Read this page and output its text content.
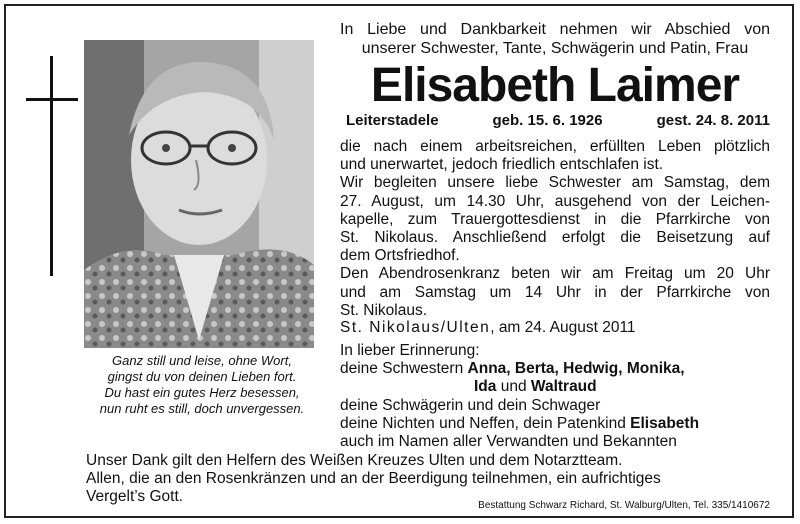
Ganz still und leise, ohne Wort,
gingst du von deinen Lieben fort.
Du hast ein gutes Herz besessen,
nun ruht es still, doch unvergessen.
In Liebe und Dankbarkeit nehmen wir Abschied von
unserer Schwester, Tante, Schwägerin und Patin, Frau
Elisabeth Laimer
Leiterstadele	geb. 15. 6. 1926	gest. 24. 8. 2011
die nach einem arbeitsreichen, erfüllten Leben plötzlich
und unerwartet, jedoch friedlich entschlafen ist.
Wir begleiten unsere liebe Schwester am Samstag, dem
27. August, um 14.30 Uhr, ausgehend von der Leichen-
kapelle, zum Trauergottesdienst in die Pfarrkirche von
St. Nikolaus. Anschließend erfolgt die Beisetzung auf
dem Ortsfriedhof.
Den Abendrosenkranz beten wir am Freitag um 20 Uhr
und am Samstag um 14 Uhr in der Pfarrkirche von
St. Nikolaus.
St. Nikolaus/Ulten, am 24. August 2011
In lieber Erinnerung:
deine Schwestern Anna, Berta, Hedwig, Monika,
Ida und Waltraud
deine Schwägerin und dein Schwager
deine Nichten und Neffen, dein Patenkind Elisabeth
auch im Namen aller Verwandten und Bekannten
Unser Dank gilt den Helfern des Weißen Kreuzes Ulten und dem Notarztteam.
Allen, die an den Rosenkränzen und an der Beerdigung teilnehmen, ein aufrichtiges
Vergelt’s Gott.
Bestattung Schwarz Richard, St. Walburg/Ulten, Tel. 335/1410672
